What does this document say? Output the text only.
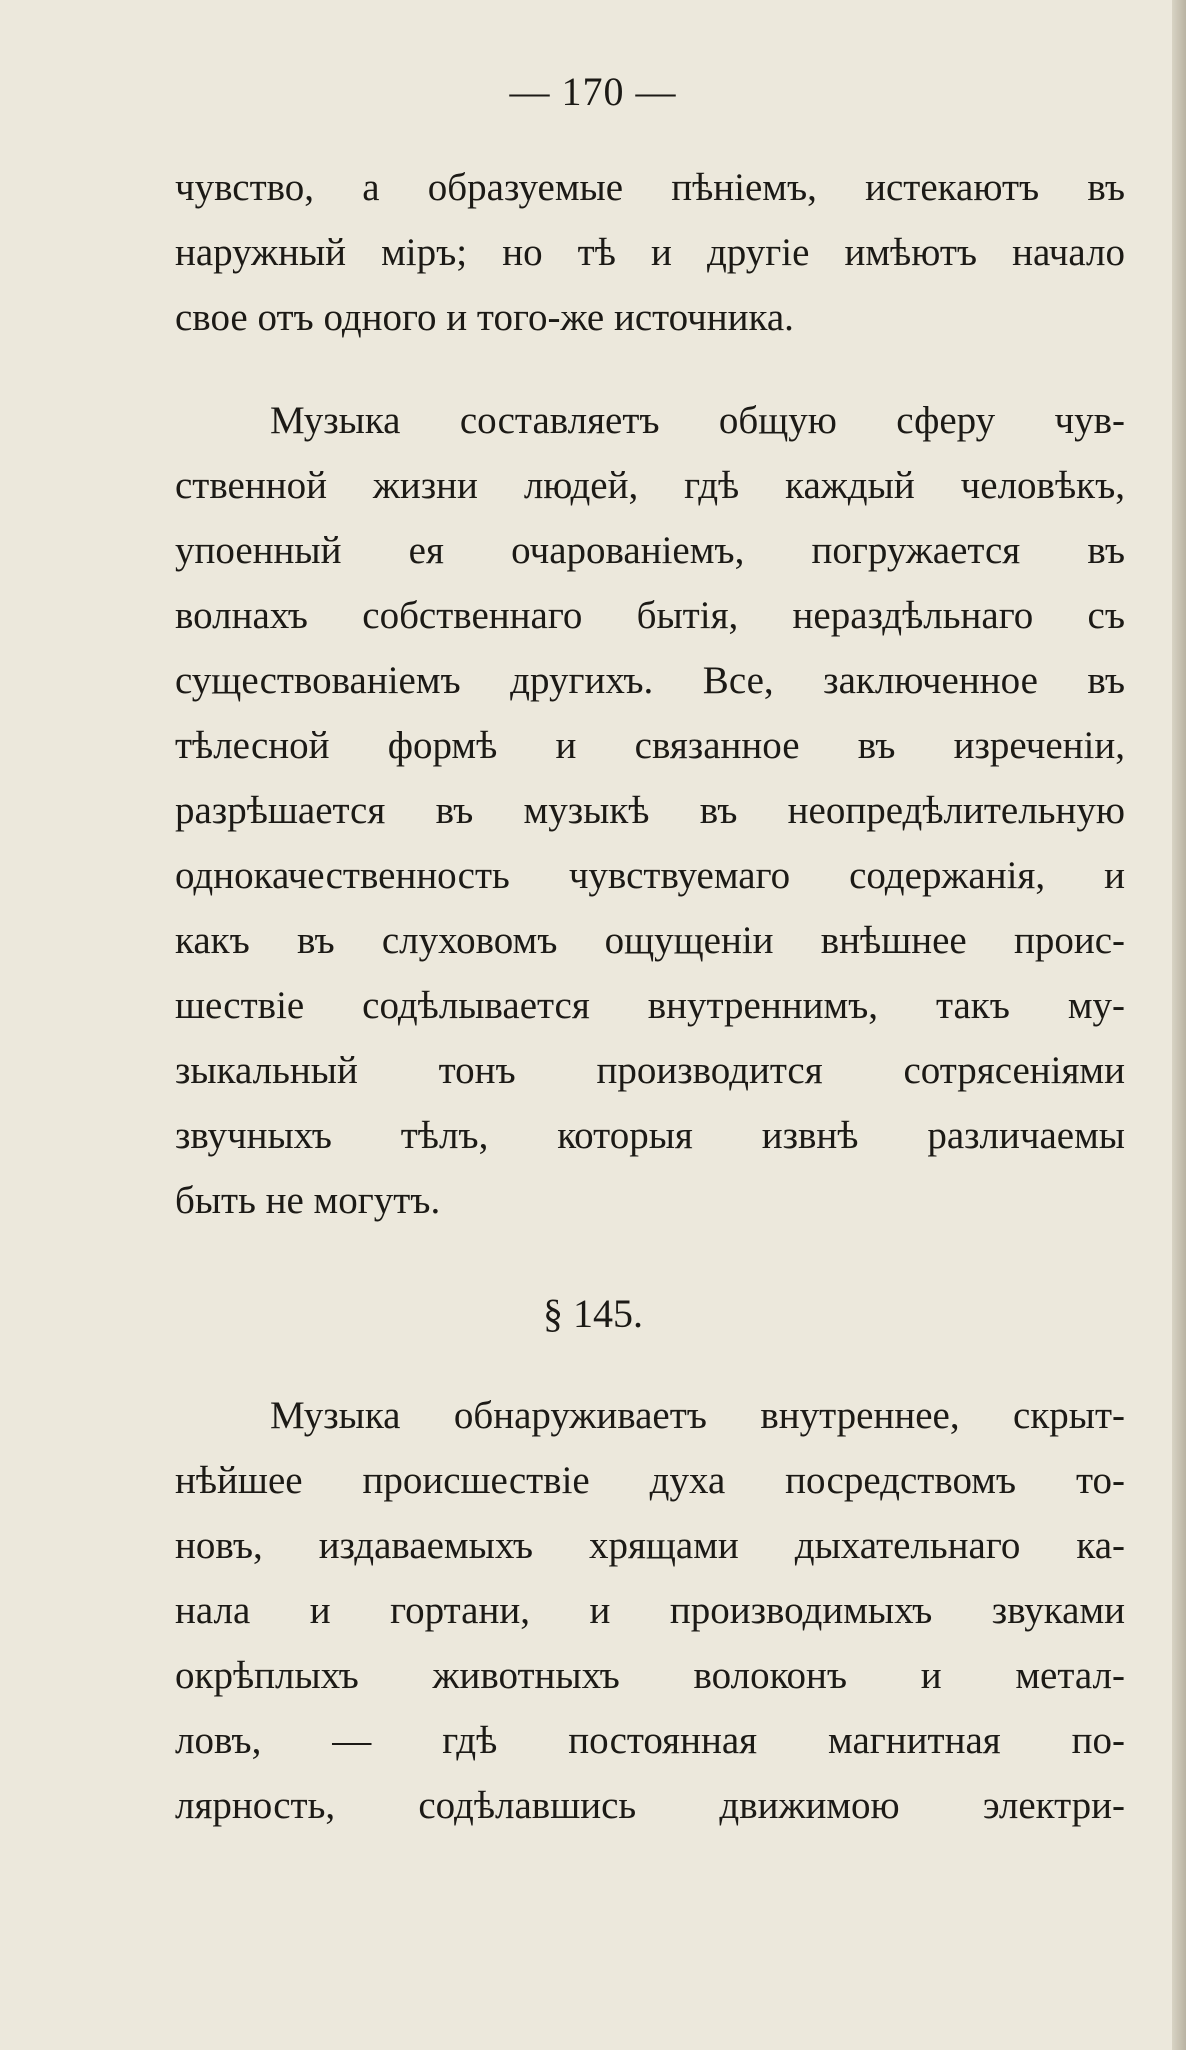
— 170 —
чувство, а образуемые пѣніемъ, истекаютъ въ
наружный міръ; но тѣ и другіе имѣютъ начало
свое отъ одного и того-же источника.
Музыка составляетъ общую сферу чув-
ственной жизни людей, гдѣ каждый человѣкъ,
упоенный ея очарованіемъ, погружается въ
волнахъ собственнаго бытія, нераздѣльнаго съ
существованіемъ другихъ. Все, заключенное въ
тѣлесной формѣ и связанное въ изреченіи,
разрѣшается въ музыкѣ въ неопредѣлительную
однокачественность чувствуемаго содержанія, и
какъ въ слуховомъ ощущеніи внѣшнее проис-
шествіе содѣлывается внутреннимъ, такъ му-
зыкальный тонъ производится сотрясеніями
звучныхъ тѣлъ, которыя извнѣ различаемы
быть не могутъ.
§ 145.
Музыка обнаруживаетъ внутреннее, скрыт-
нѣйшее происшествіе духа посредствомъ то-
новъ, издаваемыхъ хрящами дыхательнаго ка-
нала и гортани, и производимыхъ звуками
окрѣплыхъ животныхъ волоконъ и метал-
ловъ, — гдѣ постоянная магнитная по-
лярность, содѣлавшись движимою электри-
